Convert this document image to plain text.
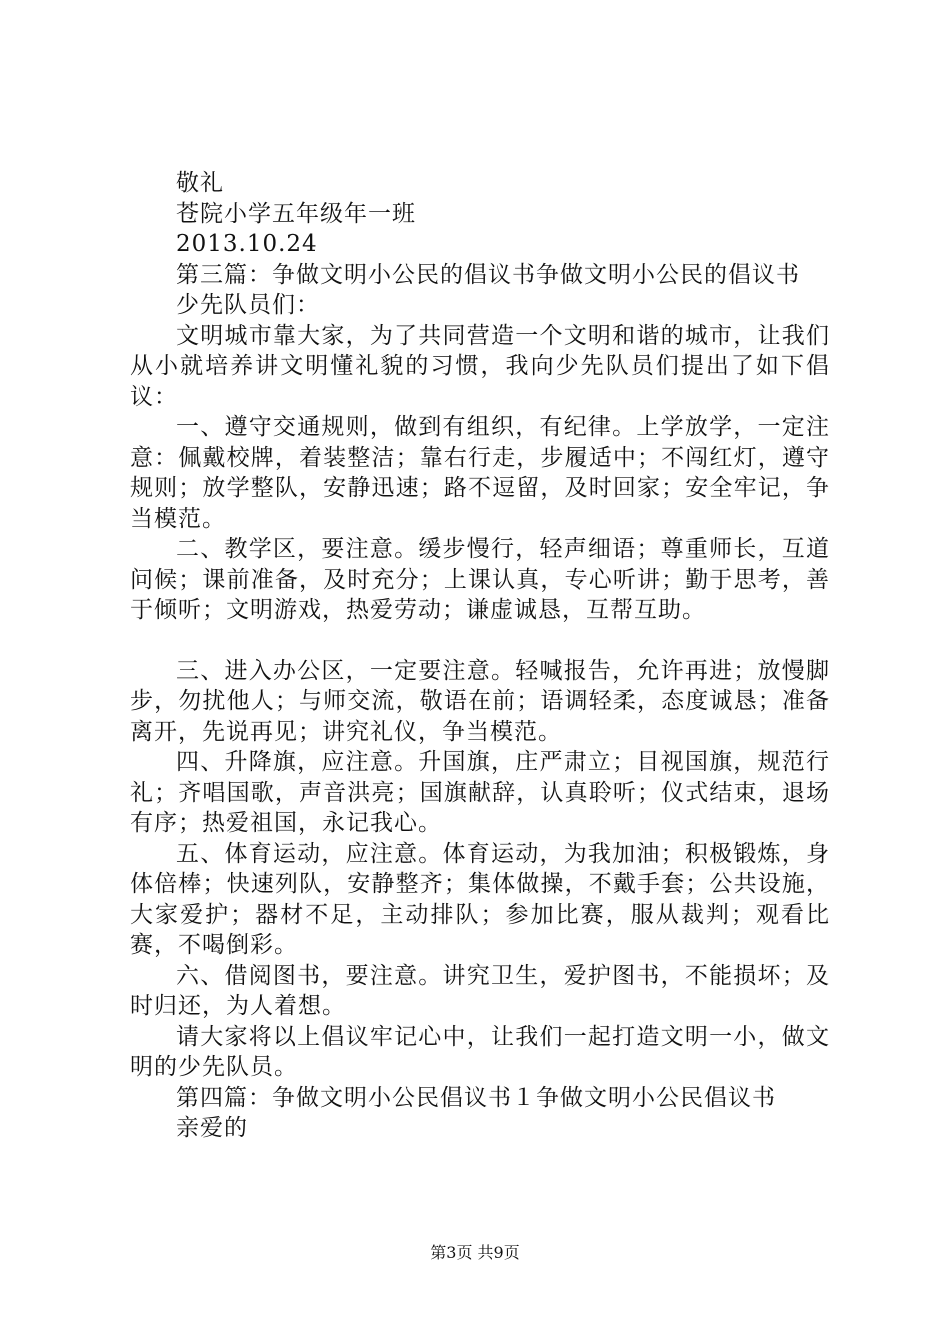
敬礼

苍院小学五年级年一班

2013.10.24

第三篇：争做文明小公民的倡议书争做文明小公民的倡议书

少先队员们：

文明城市靠大家，为了共同营造一个文明和谐的城市，让我们从小就培养讲文明懂礼貌的习惯，我向少先队员们提出了如下倡议：

一、遵守交通规则，做到有组织，有纪律。上学放学，一定注意：佩戴校牌，着装整洁；靠右行走，步履适中；不闯红灯，遵守规则；放学整队，安静迅速；路不逗留，及时回家；安全牢记，争当模范。

二、教学区，要注意。缓步慢行，轻声细语；尊重师长，互道问候；课前准备，及时充分；上课认真，专心听讲；勤于思考，善于倾听；文明游戏，热爱劳动；谦虚诚恳，互帮互助。

三、进入办公区，一定要注意。轻喊报告，允许再进；放慢脚步，勿扰他人；与师交流，敬语在前；语调轻柔，态度诚恳；准备离开，先说再见；讲究礼仪，争当模范。

四、升降旗，应注意。升国旗，庄严肃立；目视国旗，规范行礼；齐唱国歌，声音洪亮；国旗献辞，认真聆听；仪式结束，退场有序；热爱祖国，永记我心。

五、体育运动，应注意。体育运动，为我加油；积极锻炼，身体倍棒；快速列队，安静整齐；集体做操，不戴手套；公共设施，大家爱护；器材不足，主动排队；参加比赛，服从裁判；观看比赛，不喝倒彩。

六、借阅图书，要注意。讲究卫生，爱护图书，不能损坏；及时归还，为人着想。

请大家将以上倡议牢记心中，让我们一起打造文明一小，做文明的少先队员。

第四篇：争做文明小公民倡议书１争做文明小公民倡议书

亲爱的

第3页 共9页
